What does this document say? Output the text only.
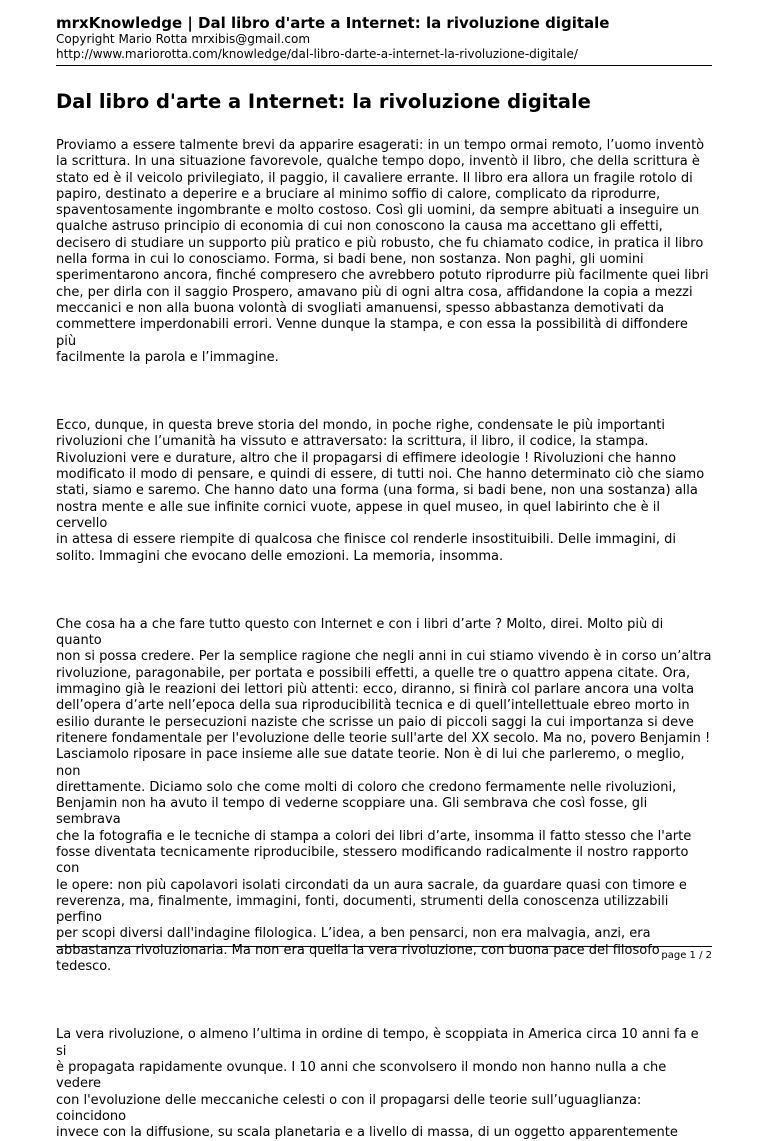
mrxKnowledge | Dal libro d'arte a Internet: la rivoluzione digitale

Copyright Mario Rotta mrxibis@gmail.com

http://www.mariorotta.com/knowledge/dal-libro-darte-a-internet-la-rivoluzione-digitale/

Dal libro d'arte a Internet: la rivoluzione digitale

Proviamo a essere talmente brevi da apparire esagerati: in un tempo ormai remoto, l’uomo inventò
la scrittura. In una situazione favorevole, qualche tempo dopo, inventò il libro, che della scrittura è
stato ed è il veicolo privilegiato, il paggio, il cavaliere errante. Il libro era allora un fragile rotolo di
papiro, destinato a deperire e a bruciare al minimo soffio di calore, complicato da riprodurre,
spaventosamente ingombrante e molto costoso. Così gli uomini, da sempre abituati a inseguire un
qualche astruso principio di economia di cui non conoscono la causa ma accettano gli effetti,
decisero di studiare un supporto più pratico e più robusto, che fu chiamato codice, in pratica il libro
nella forma in cui lo conosciamo. Forma, si badi bene, non sostanza. Non paghi, gli uomini
sperimentarono ancora, finché compresero che avrebbero potuto riprodurre più facilmente quei libri
che, per dirla con il saggio Prospero, amavano più di ogni altra cosa, affidandone la copia a mezzi
meccanici e non alla buona volontà di svogliati amanuensi, spesso abbastanza demotivati da
commettere imperdonabili errori. Venne dunque la stampa, e con essa la possibilità di diffondere più
facilmente la parola e l’immagine.

Ecco, dunque, in questa breve storia del mondo, in poche righe, condensate le più importanti
rivoluzioni che l’umanità ha vissuto e attraversato: la scrittura, il libro, il codice, la stampa.
Rivoluzioni vere e durature, altro che il propagarsi di effimere ideologie ! Rivoluzioni che hanno
modificato il modo di pensare, e quindi di essere, di tutti noi. Che hanno determinato ciò che siamo
stati, siamo e saremo. Che hanno dato una forma (una forma, si badi bene, non una sostanza) alla
nostra mente e alle sue infinite cornici vuote, appese in quel museo, in quel labirinto che è il cervello
in attesa di essere riempite di qualcosa che finisce col renderle insostituibili. Delle immagini, di
solito. Immagini che evocano delle emozioni. La memoria, insomma.

Che cosa ha a che fare tutto questo con Internet e con i libri d’arte ? Molto, direi. Molto più di quanto
non si possa credere. Per la semplice ragione che negli anni in cui stiamo vivendo è in corso un’altra
rivoluzione, paragonabile, per portata e possibili effetti, a quelle tre o quattro appena citate. Ora,
immagino già le reazioni dei lettori più attenti: ecco, diranno, si finirà col parlare ancora una volta
dell’opera d’arte nell’epoca della sua riproducibilità tecnica e di quell’intellettuale ebreo morto in
esilio durante le persecuzioni naziste che scrisse un paio di piccoli saggi la cui importanza si deve
ritenere fondamentale per l'evoluzione delle teorie sull'arte del XX secolo. Ma no, povero Benjamin !
Lasciamolo riposare in pace insieme alle sue datate teorie. Non è di lui che parleremo, o meglio, non
direttamente. Diciamo solo che come molti di coloro che credono fermamente nelle rivoluzioni,
Benjamin non ha avuto il tempo di vederne scoppiare una. Gli sembrava che così fosse, gli sembrava
che la fotografia e le tecniche di stampa a colori dei libri d’arte, insomma il fatto stesso che l'arte
fosse diventata tecnicamente riproducibile, stessero modificando radicalmente il nostro rapporto con
le opere: non più capolavori isolati circondati da un aura sacrale, da guardare quasi con timore e
reverenza, ma, finalmente, immagini, fonti, documenti, strumenti della conoscenza utilizzabili perfino
per scopi diversi dall'indagine filologica. L’idea, a ben pensarci, non era malvagia, anzi, era
abbastanza rivoluzionaria. Ma non era quella la vera rivoluzione, con buona pace del filosofo
tedesco.

La vera rivoluzione, o almeno l’ultima in ordine di tempo, è scoppiata in America circa 10 anni fa e si
è propagata rapidamente ovunque. I 10 anni che sconvolsero il mondo non hanno nulla a che vedere
con l'evoluzione delle meccaniche celesti o con il propagarsi delle teorie sull’uguaglianza: coincidono
invece con la diffusione, su scala planetaria e a livello di massa, di un oggetto apparentemente

page 1 / 2
